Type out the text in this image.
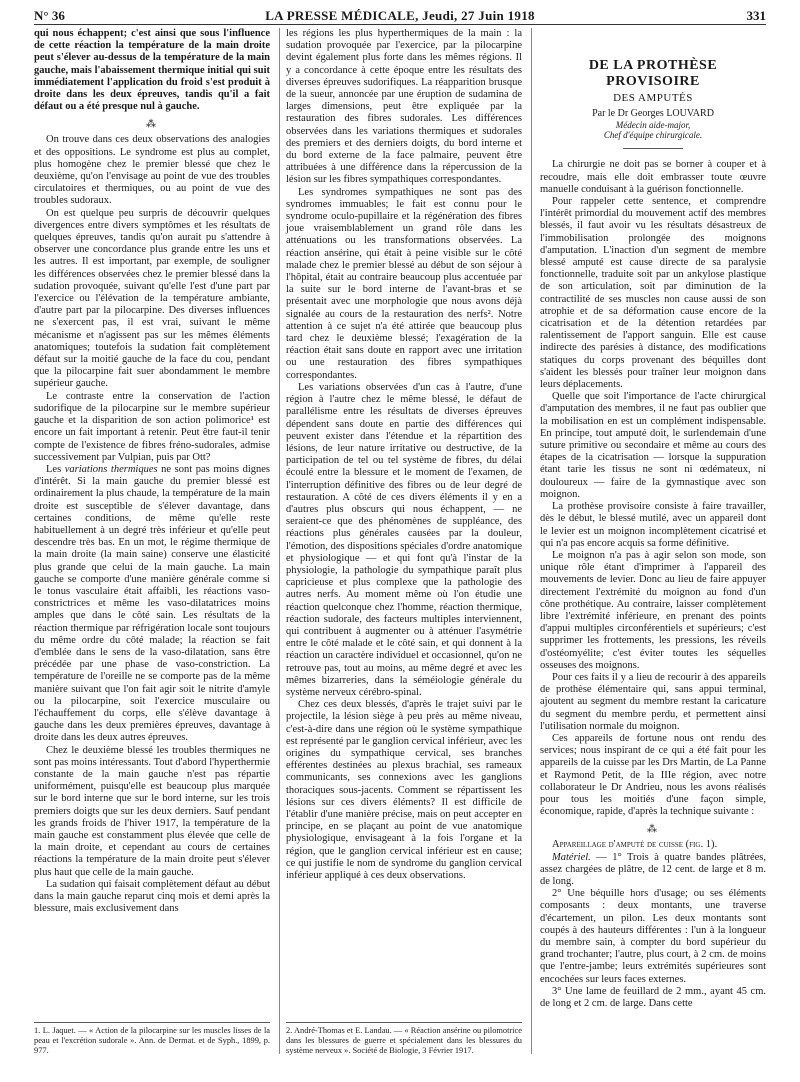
N° 36	LA PRESSE MÉDICALE, Jeudi, 27 Juin 1918	331

qui nous échappent; c'est ainsi que sous l'influence de cette réaction la température de la main droite peut s'élever au-dessus de la température de la main gauche, mais l'abaissement thermique initial qui suit immédiatement l'application du froid s'est produit à droite dans les deux épreuves, tandis qu'il a fait défaut ou a été presque nul à gauche.

⁂

On trouve dans ces deux observations des analogies et des oppositions. Le syndrome est plus au complet, plus homogène chez le premier blessé que chez le deuxième, qu'on l'envisage au point de vue des troubles circulatoires et thermiques, ou au point de vue des troubles sudoraux.

On est quelque peu surpris de découvrir quelques divergences entre divers symptômes et les résultats de quelques épreuves, tandis qu'on aurait pu s'attendre à observer une concordance plus grande entre les uns et les autres. Il est important, par exemple, de souligner les différences observées chez le premier blessé dans la sudation provoquée, suivant qu'elle l'est d'une part par l'exercice ou l'élévation de la température ambiante, d'autre part par la pilocarpine. Des diverses influences ne s'exercent pas, il est vrai, suivant le même mécanisme et n'agissent pas sur les mêmes éléments anatomiques; toutefois la sudation fait complètement défaut sur la moitié gauche de la face du cou, pendant que la pilocarpine fait suer abondamment le membre supérieur gauche.

Le contraste entre la conservation de l'action sudorifique de la pilocarpine sur le membre supérieur gauche et la disparition de son action polimorice¹ est encore un fait important à retenir. Peut être faut-il tenir compte de l'existence de fibres fréno-sudorales, admise successivement par Vulpian, puis par Ott?

Les variations thermiques ne sont pas moins dignes d'intérêt. Si la main gauche du premier blessé est ordinairement la plus chaude, la température de la main droite est susceptible de s'élever davantage, dans certaines conditions, de même qu'elle reste habituellement à un degré très inférieur et qu'elle peut descendre très bas. En un mot, le régime thermique de la main droite (la main saine) conserve une élasticité plus grande que celui de la main gauche. La main gauche se comporte d'une manière générale comme si le tonus vasculaire était affaibli, les réactions vaso-constrictrices et même les vaso-dilatatrices moins amples que dans le côté sain. Les résultats de la réaction thermique par réfrigération locale sont toujours du même ordre du côté malade; la réaction se fait d'emblée dans le sens de la vaso-dilatation, sans être précédée par une phase de vaso-constriction. La température de l'oreille ne se comporte pas de la même manière suivant que l'on fait agir soit le nitrite d'amyle ou la pilocarpine, soit l'exercice musculaire ou l'échauffement du corps, elle s'élève davantage à gauche dans les deux premières épreuves, davantage à droite dans les deux autres épreuves.

Chez le deuxième blessé les troubles thermiques ne sont pas moins intéressants. Tout d'abord l'hyperthermie constante de la main gauche n'est pas répartie uniformément, puisqu'elle est beaucoup plus marquée sur le bord interne que sur le bord interne, sur les trois premiers doigts que sur les deux derniers. Sauf pendant les grands froids de l'hiver 1917, la température de la main gauche est constamment plus élevée que celle de la main droite, et cependant au cours de certaines réactions la température de la main droite peut s'élever plus haut que celle de la main gauche.

La sudation qui faisait complètement défaut au début dans la main gauche reparut cinq mois et demi après la blessure, mais exclusivement dans

1. L. Jaquet. — « Action de la pilocarpine sur les muscles lisses de la peau et l'excrétion sudorale ». Ann. de Dermat. et de Syph., 1899, p. 977.

les régions les plus hyperthermiques de la main : la sudation provoquée par l'exercice, par la pilocarpine devint également plus forte dans les mêmes régions. Il y a concordance à cette époque entre les résultats des diverses épreuves sudorifiques. La réapparition brusque de la sueur, annoncée par une éruption de sudamina de larges dimensions, peut être expliquée par la restauration des fibres sudorales. Les différences observées dans les variations thermiques et sudorales des premiers et des derniers doigts, du bord interne et du bord externe de la face palmaire, peuvent être attribuées à une différence dans la répercussion de la lésion sur les fibres sympathiques correspondantes.

Les syndromes sympathiques ne sont pas des syndromes immuables; le fait est connu pour le syndrome oculo-pupillaire et la régénération des fibres joue vraisemblablement un grand rôle dans les atténuations ou les transformations observées. La réaction ansérine, qui était à peine visible sur le côté malade chez le premier blessé au début de son séjour à l'hôpital, était au contraire beaucoup plus accentuée par la suite sur le bord interne de l'avant-bras et se présentait avec une morphologie que nous avons déjà signalée au cours de la restauration des nerfs². Notre attention à ce sujet n'a été attirée que beaucoup plus tard chez le deuxième blessé; l'exagération de la réaction était sans doute en rapport avec une irritation ou une restauration des fibres sympathiques correspondantes.

Les variations observées d'un cas à l'autre, d'une région à l'autre chez le même blessé, le défaut de parallélisme entre les résultats de diverses épreuves dépendent sans doute en partie des différences qui peuvent exister dans l'étendue et la répartition des lésions, de leur nature irritative ou destructive, de la participation de tel ou tel système de fibres, du délai écoulé entre la blessure et le moment de l'examen, de l'interruption définitive des fibres ou de leur degré de restauration. A côté de ces divers éléments il y en a d'autres plus obscurs qui nous échappent, — ne seraient-ce que des phénomènes de suppléance, des réactions plus générales causées par la douleur, l'émotion, des dispositions spéciales d'ordre anatomique et physiologique — et qui font qu'à l'instar de la physiologie, la pathologie du sympathique paraît plus capricieuse et plus complexe que la pathologie des autres nerfs. Au moment même où l'on étudie une réaction quelconque chez l'homme, réaction thermique, réaction sudorale, des facteurs multiples interviennent, qui contribuent à augmenter ou à atténuer l'asymétrie entre le côté malade et le côté sain, et qui donnent à la réaction un caractère individuel et occasionnel, qu'on ne retrouve pas, tout au moins, au même degré et avec les mêmes bizarreries, dans la séméiologie générale du système nerveux cérébro-spinal.

Chez ces deux blessés, d'après le trajet suivi par le projectile, la lésion siège à peu près au même niveau, c'est-à-dire dans une région où le système sympathique est représenté par le ganglion cervical inférieur, avec les origines du sympathique cervical, ses branches efférentes destinées au plexus brachial, ses rameaux communicants, ses connexions avec les ganglions thoraciques sous-jacents. Comment se répartissent les lésions sur ces divers éléments? Il est difficile de l'établir d'une manière précise, mais on peut accepter en principe, en se plaçant au point de vue anatomique physiologique, envisageant à la fois l'organe et la région, que le ganglion cervical inférieur est en cause; ce qui justifie le nom de syndrome du ganglion cervical inférieur appliqué à ces deux observations.

2. André-Thomas et E. Landau. — « Réaction ansérine ou pilomotrice dans les blessures de guerre et spécialement dans les blessures du système nerveux ». Société de Biologie, 3 Février 1917.
DE LA PROTHÈSE PROVISOIRE
DES AMPUTÉS
Par le Dr Georges LOUVARD
Médecin aide-major,
Chef d'équipe chirurgicale.

La chirurgie ne doit pas se borner à couper et à recoudre, mais elle doit embrasser toute œuvre manuelle conduisant à la guérison fonctionnelle.

Pour rappeler cette sentence, et comprendre l'intérêt primordial du mouvement actif des membres blessés, il faut avoir vu les résultats désastreux de l'immobilisation prolongée des moignons d'amputation. L'inaction d'un segment de membre blessé amputé est cause directe de sa paralysie fonctionnelle, traduite soit par un ankylose plastique de son articulation, soit par diminution de la contractilité de ses muscles non cause aussi de son atrophie et de sa déformation cause encore de la cicatrisation et de la détention retardées par ralentissement de l'apport sanguin. Elle est cause indirecte des parésies à distance, des modifications statiques du corps provenant des béquilles dont s'aident les blessés pour traîner leur moignon dans leurs déplacements.

Quelle que soit l'importance de l'acte chirurgical d'amputation des membres, il ne faut pas oublier que la mobilisation en est un complément indispensable. En principe, tout amputé doit, le surlendemain d'une suture primitive ou secondaire et même au cours des étapes de la cicatrisation — lorsque la suppuration étant tarie les tissus ne sont ni œdémateux, ni douloureux — faire de la gymnastique avec son moignon.

La prothèse provisoire consiste à faire travailler, dès le début, le blessé mutilé, avec un appareil dont le levier est un moignon incomplètement cicatrisé et qui n'a pas encore acquis sa forme définitive.

Le moignon n'a pas à agir selon son mode, son unique rôle étant d'imprimer à l'appareil des mouvements de levier. Donc au lieu de faire appuyer directement l'extrémité du moignon au fond d'un cône prothétique. Au contraire, laisser complètement libre l'extrémité inférieure, en prenant des points d'appui multiples circonférentiels et supérieurs; c'est supprimer les frottements, les pressions, les réveils d'ostéomyélite; c'est éviter toutes les séquelles osseuses des moignons.

Pour ces faits il y a lieu de recourir à des appareils de prothèse élémentaire qui, sans appui terminal, ajoutent au segment du membre restant la caricature du segment du membre perdu, et permettent ainsi l'utilisation normale du moignon.

Ces appareils de fortune nous ont rendu des services; nous inspirant de ce qui a été fait pour les appareils de la cuisse par les Drs Martin, de La Panne et Raymond Petit, de la IIIe région, avec notre collaborateur le Dr Andrieu, nous les avons réalisés pour tous les moitiés d'une façon simple, économique, rapide, d'après la technique suivante :

⁂

Appareillage d'amputé de cuisse (fig. 1).

Matériel. — 1° Trois à quatre bandes plâtrées, assez chargées de plâtre, de 12 cent. de large et 8 m. de long.

2° Une béquille hors d'usage; ou ses éléments composants : deux montants, une traverse d'écartement, un pilon. Les deux montants sont coupés à des hauteurs différentes : l'un à la longueur du membre sain, à compter du bord supérieur du grand trochanter; l'autre, plus court, à 2 cm. de moins que l'entre-jambe; leurs extrémités supérieures sont encochées sur leurs faces externes.

3° Une lame de feuillard de 2 mm., ayant 45 cm. de long et 2 cm. de large. Dans cette
